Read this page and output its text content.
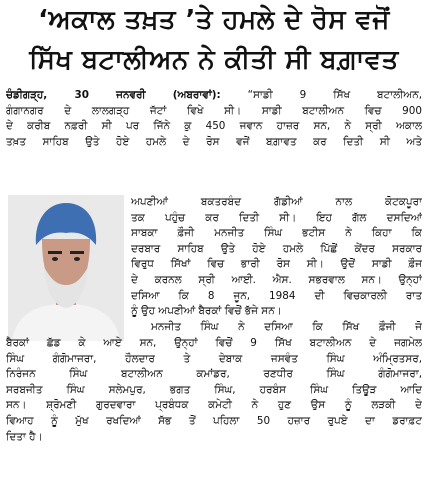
‘ਅਕਾਲ ਤਖ਼ਤ ’ਤੇ ਹਮਲੇ ਦੇ ਰੋਸ ਵਜੋਂ
ਸਿੱਖ ਬਟਾਲੀਅਨ ਨੇ ਕੀਤੀ ਸੀ ਬਗ਼ਾਵਤ
ਚੰਡੀਗੜ੍ਹ, 30 ਜਨਵਰੀ (ਅਬਰਾਵਾਂ):	“ਸਾਡੀ 9 ਸਿੱਖ ਬਟਾਲੀਅਨ,
ਗੰਗਾਨਗਰ ਦੇ ਲਾਲਗੜ੍ਹ ਜੱਟਾਂ ਵਿਖੇ ਸੀ। ਸਾਡੀ ਬਟਾਲੀਅਨ ਵਿਚ 900
ਦੇ ਕਰੀਬ ਨਫ਼ਰੀ ਸੀ ਪਰ ਜਿੱਨੇ ਕੁ 450 ਜਵਾਨ ਹਾਜ਼ਰ ਸਨ, ਨੇ ਸ੍ਰੀ ਅਕਾਲ
ਤਖ਼ਤ ਸਾਹਿਬ ਉਤੇ ਹੋਏ ਹਮਲੇ ਦੇ ਰੋਸ ਵਜੋਂ ਬਗ਼ਾਵਤ ਕਰ ਦਿਤੀ ਸੀ ਅਤੇ
ਅਪਣੀਆਂ ਬਕਤਰਬੰਦ ਗੱਡੀਆਂ ਨਾਲ ਕੋਟਕਪੂਰਾ
ਤਕ ਪਹੁੰਚ ਕਰ ਦਿਤੀ ਸੀ। ਇਹ ਗੱਲ ਦਸਦਿਆਂ
ਸਾਬਕਾ ਫ਼ੌਜੀ ਮਨਜੀਤ ਸਿੰਘ ਭਟੀਸ ਨੇ ਕਿਹਾ ਕਿ
ਦਰਬਾਰ ਸਾਹਿਬ ਉਤੇ ਹੋਏ ਹਮਲੇ ਪਿੱਛੋਂ ਕੇਂਦਰ ਸਰਕਾਰ
ਵਿਰੁਧ ਸਿੱਖਾਂ ਵਿਚ ਭਾਰੀ ਰੋਸ ਸੀ। ਉਦੋਂ ਸਾਡੀ ਫ਼ੌਜ
ਦੇ ਕਰਨਲ ਸ੍ਰੀ ਆਈ. ਐਸ. ਸਭਰਵਾਲ ਸਨ। ਉਨ੍ਹਾਂ
ਦਸਿਆ ਕਿ 8 ਜੂਨ, 1984 ਦੀ ਵਿਚਕਾਰਲੀ ਰਾਤ
ਨੂੰ ਉਹ ਅਪਣੀਆਂ ਬੈਰਕਾਂ ਵਿਚੋਂ ਭੱਜੇ ਸਨ।
ਮਨਜੀਤ ਸਿੰਘ ਨੇ ਦਸਿਆ ਕਿ ਸਿੱਖ ਫ਼ੌਜੀ ਜੋ
ਬੈਰਕਾਂ ਛੱਡ ਕੇ ਆਏ ਸਨ, ਉਨ੍ਹਾਂ ਵਿਚੋਂ 9 ਸਿੱਖ ਬਟਾਲੀਅਨ ਦੇ ਜਗਮੇਲ
ਸਿੰਘ ਗੰਗੋਮਾਜਰਾ, ਹੌਲਦਾਰ ਤੇ ਦੇਬਾਕ ਜਸਵੰਤ ਸਿੰਘ ਅੰਮ੍ਰਿਤਸਰ,
ਨਿਰੰਜਨ ਸਿੰਘ ਬਟਾਲੀਅਨ ਕਮਾਂਡਰ, ਰਣਧੀਰ ਸਿੰਘ ਗੰਗੋਮਾਜਰਾ,
ਸਰਬਜੀਤ ਸਿੰਘ ਸਲੇਮਪੁਰ, ਭਗਤ ਸਿੰਘ, ਹਰਬੰਸ ਸਿੰਘ ਤਿਊੜ ਆਦਿ
ਸਨ। ਸ਼੍ਰੋਮਣੀ ਗੁਰਦਵਾਰਾ ਪ੍ਰਬੰਧਕ ਕਮੇਟੀ ਨੇ ਹੁਣ ਉਸ ਨੂੰ ਲੜਕੀ ਦੇ
ਵਿਆਹ ਨੂੰ ਮੁੱਖ ਰਖਦਿਆਂ ਸੱਭ ਤੋਂ ਪਹਿਲਾ 50 ਹਜ਼ਾਰ ਰੁਪਏ ਦਾ ਡਰਾਫ਼ਟ
ਦਿਤਾ ਹੈ।
